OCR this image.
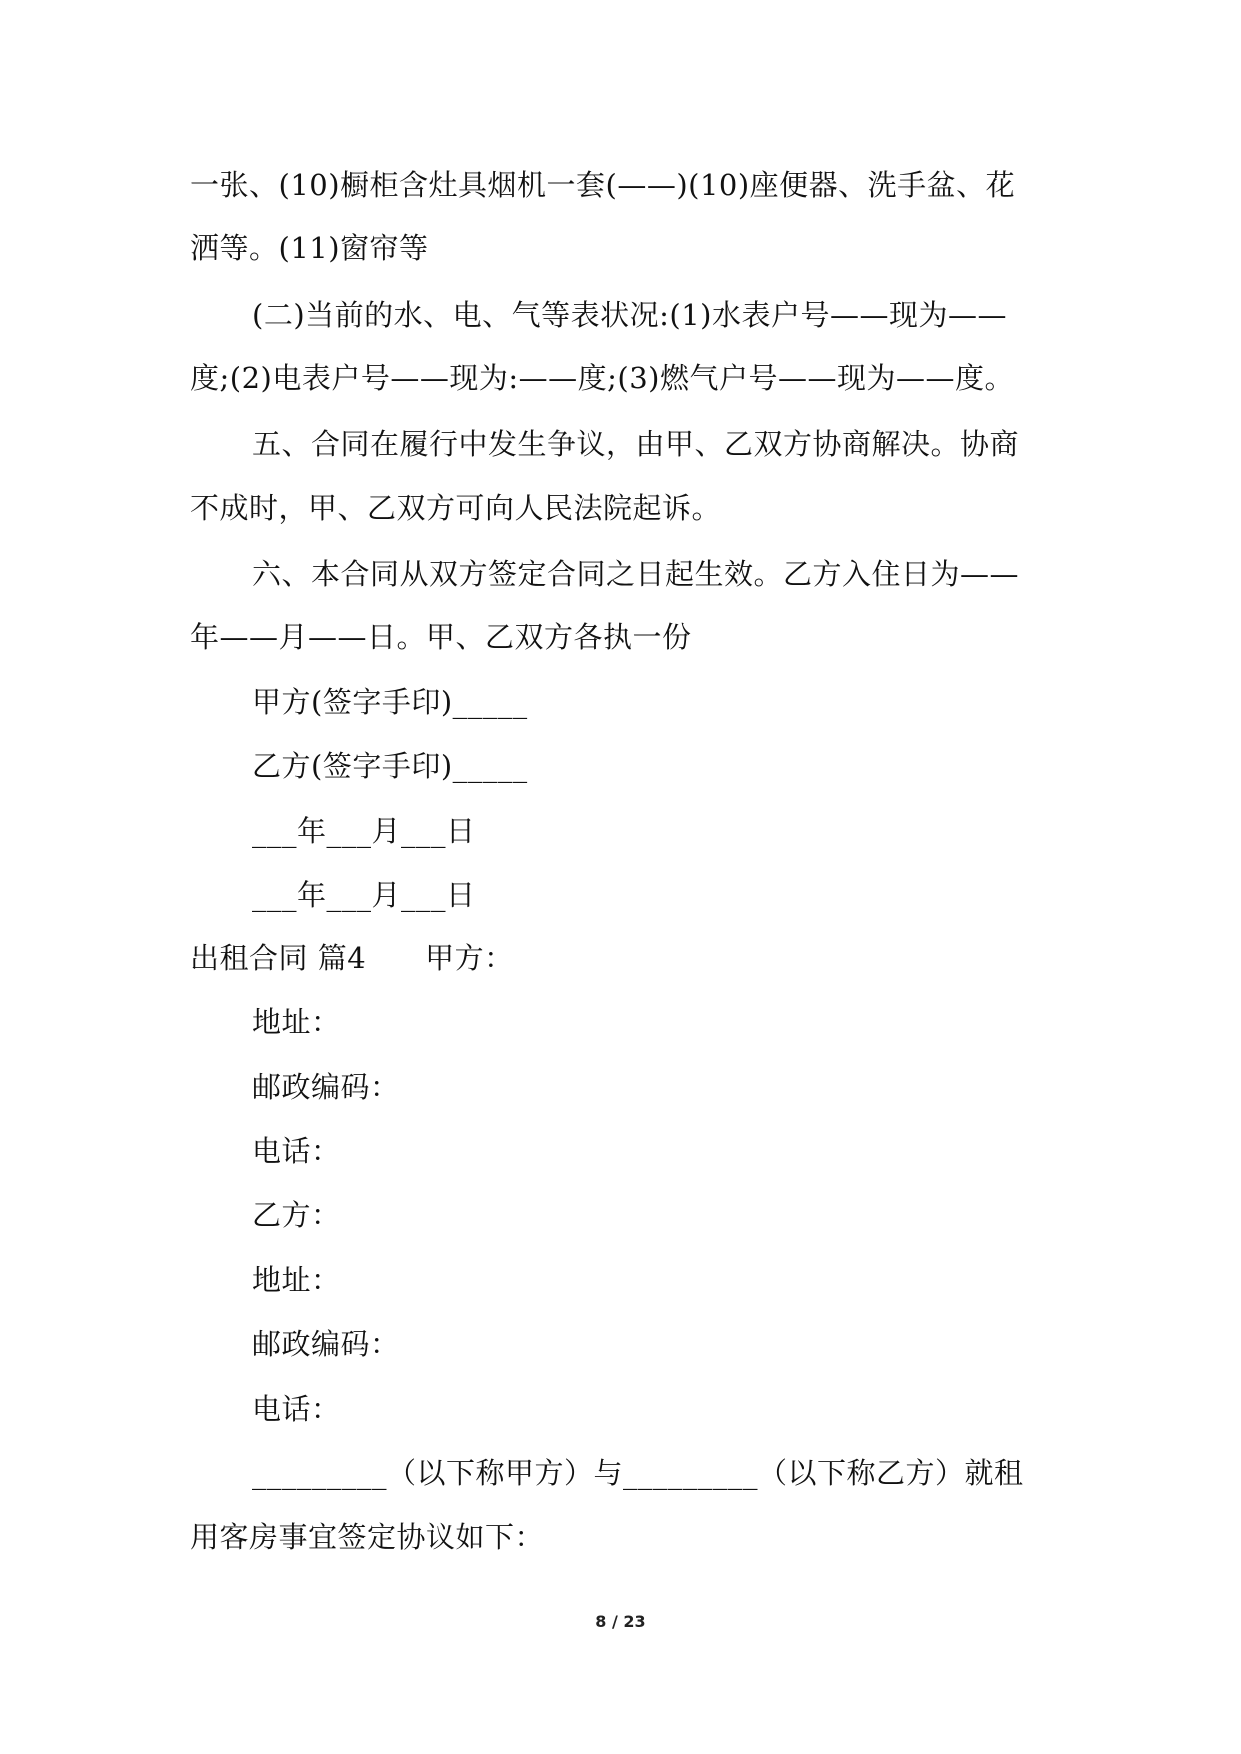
一张、(10)橱柜含灶具烟机一套(——)(10)座便器、洗手盆、花
洒等。(11)窗帘等
(二)当前的水、电、气等表状况:(1)水表户号——现为——
度;(2)电表户号——现为:——度;(3)燃气户号——现为——度。
五、合同在履行中发生争议，由甲、乙双方协商解决。协商
不成时，甲、乙双方可向人民法院起诉。
六、本合同从双方签定合同之日起生效。乙方入住日为——
年——月——日。甲、乙双方各执一份
甲方(签字手印)_____
乙方(签字手印)_____
___年___月___日
___年___月___日
出租合同 篇4　　甲方：
地址：
邮政编码：
电话：
乙方：
地址：
邮政编码：
电话：
_________（以下称甲方）与_________（以下称乙方）就租
用客房事宜签定协议如下：
8 / 23
